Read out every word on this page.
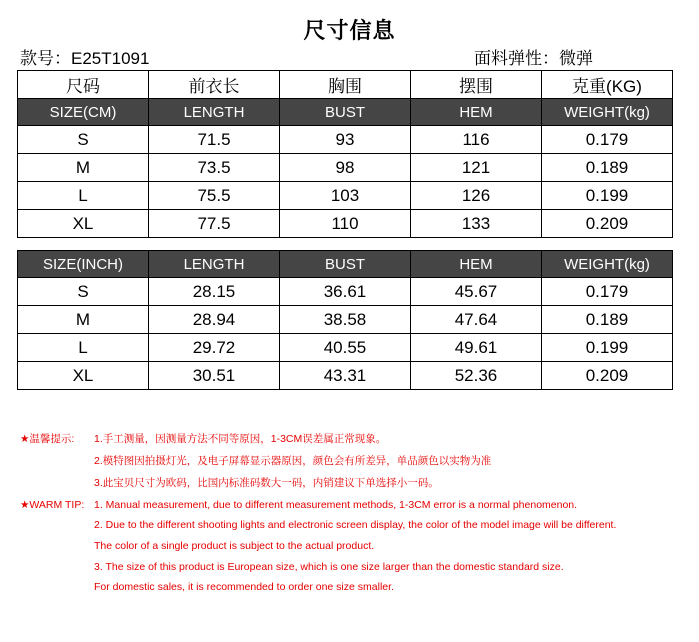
尺寸信息
款号：E25T1091	面料弹性：微弹
尺码	前衣长	胸围	摆围	克重(KG)
SIZE(CM)	LENGTH	BUST	HEM	WEIGHT(kg)
S	71.5	93	116	0.179
M	73.5	98	121	0.189
L	75.5	103	126	0.199
XL	77.5	110	133	0.209
SIZE(INCH)	LENGTH	BUST	HEM	WEIGHT(kg)
S	28.15	36.61	45.67	0.179
M	28.94	38.58	47.64	0.189
L	29.72	40.55	49.61	0.199
XL	30.51	43.31	52.36	0.209
★温馨提示: 1.手工测量，因测量方法不同等原因，1-3CM误差属正常现象。
2.模特图因拍摄灯光，及电子屏幕显示器原因，颜色会有所差异，单品颜色以实物为准
3.此宝贝尺寸为欧码，比国内标准码数大一码，内销建议下单选择小一码。
★WARM TIP: 1. Manual measurement, due to different measurement methods, 1-3CM error is a normal phenomenon.
2. Due to the different shooting lights and electronic screen display, the color of the model image will be different.
The color of a single product is subject to the actual product.
3. The size of this product is European size, which is one size larger than the domestic standard size.
For domestic sales, it is recommended to order one size smaller.
